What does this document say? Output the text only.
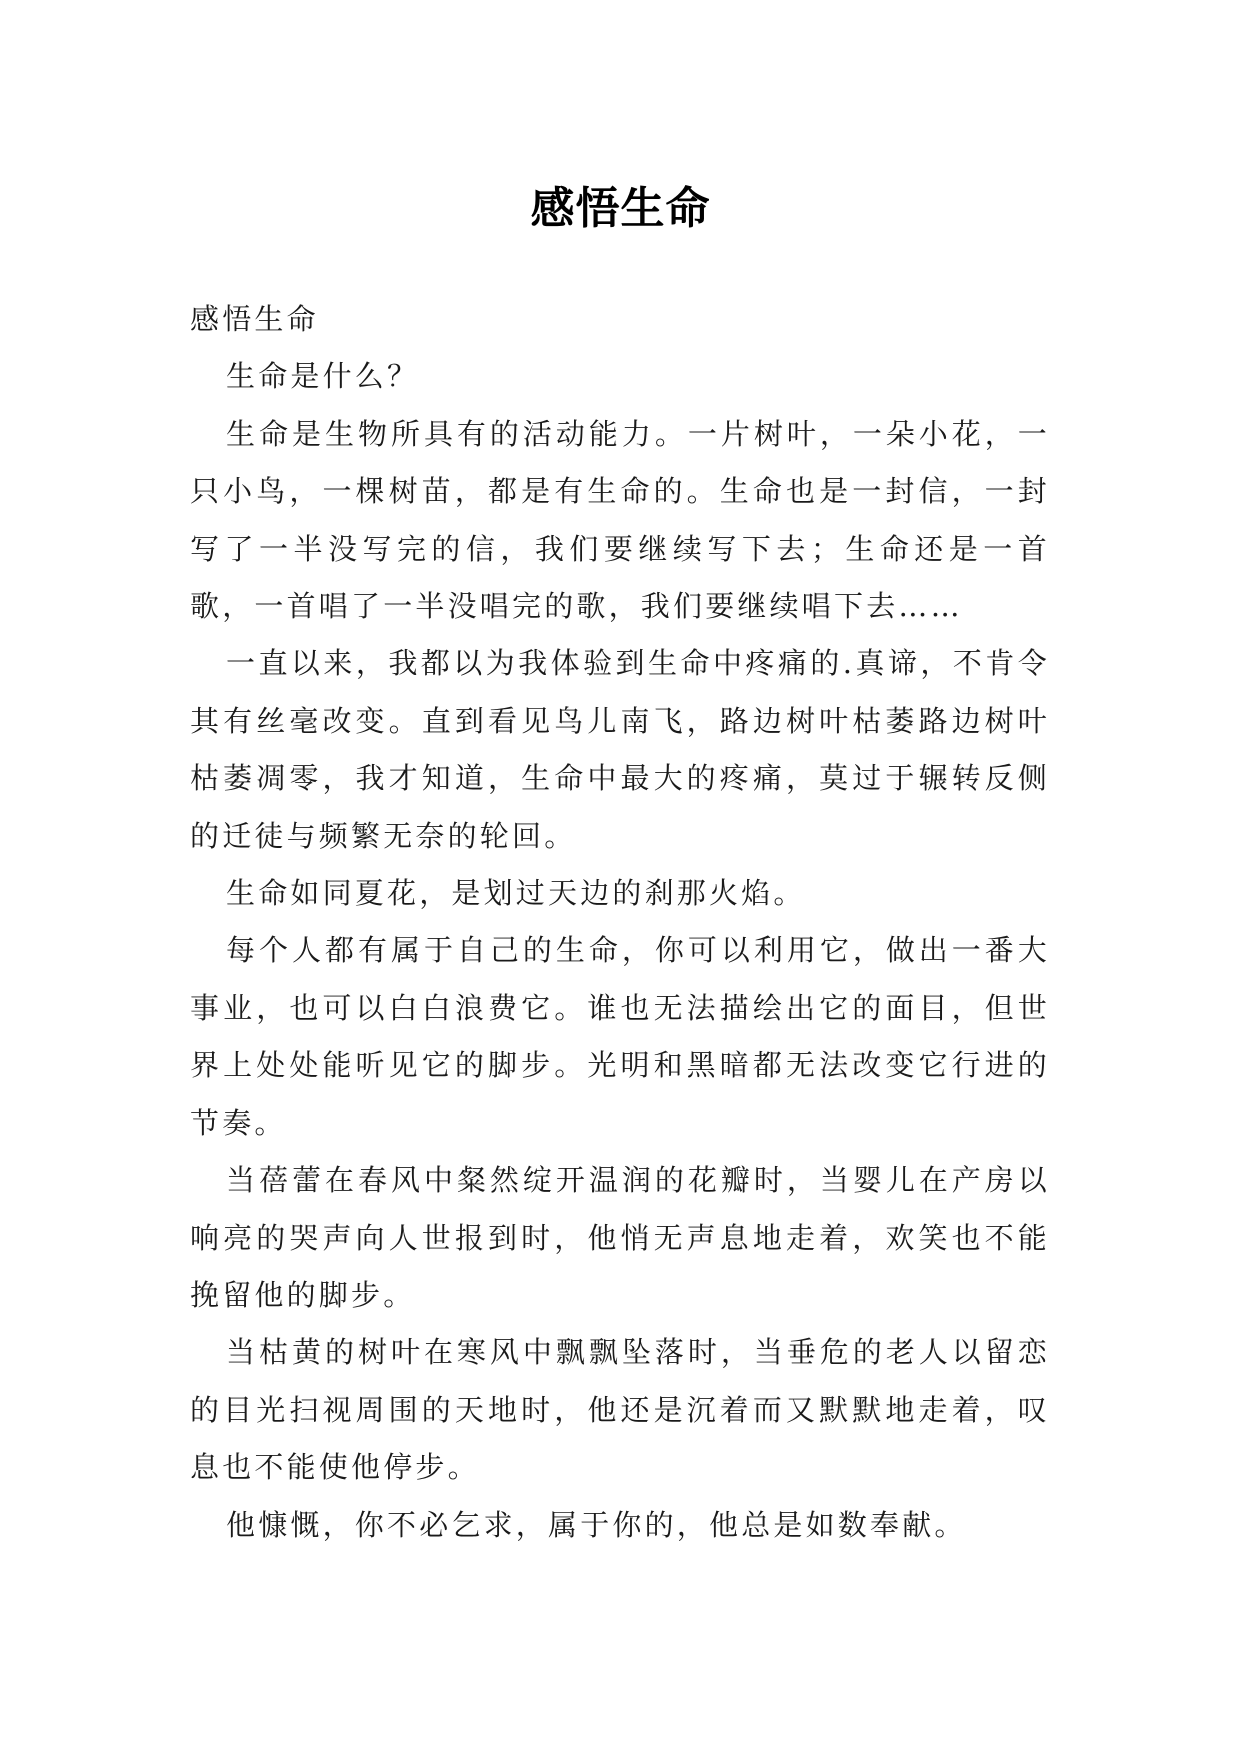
感悟生命

感悟生命

生命是什么？

生命是生物所具有的活动能力。一片树叶，一朵小花，一只小鸟，一棵树苗，都是有生命的。生命也是一封信，一封写了一半没写完的信，我们要继续写下去；生命还是一首歌，一首唱了一半没唱完的歌，我们要继续唱下去……

一直以来，我都以为我体验到生命中疼痛的.真谛，不肯令其有丝毫改变。直到看见鸟儿南飞，路边树叶枯萎路边树叶枯萎凋零，我才知道，生命中最大的疼痛，莫过于辗转反侧的迁徒与频繁无奈的轮回。

生命如同夏花，是划过天边的刹那火焰。

每个人都有属于自己的生命，你可以利用它，做出一番大事业，也可以白白浪费它。谁也无法描绘出它的面目，但世界上处处能听见它的脚步。光明和黑暗都无法改变它行进的节奏。

当蓓蕾在春风中粲然绽开温润的花瓣时，当婴儿在产房以响亮的哭声向人世报到时，他悄无声息地走着，欢笑也不能挽留他的脚步。

当枯黄的树叶在寒风中飘飘坠落时，当垂危的老人以留恋的目光扫视周围的天地时，他还是沉着而又默默地走着，叹息也不能使他停步。

他慷慨，你不必乞求，属于你的，他总是如数奉献。
